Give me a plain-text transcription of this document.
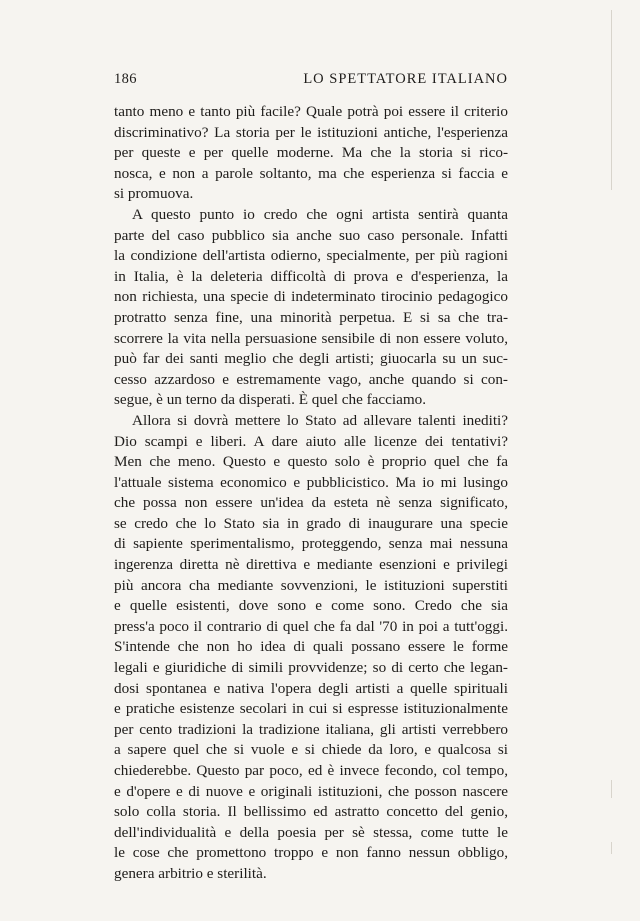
186	LO SPETTATORE ITALIANO
tanto meno e tanto più facile? Quale potrà poi essere il criterio
discriminativo? La storia per le istituzioni antiche, l'esperienza
per queste e per quelle moderne. Ma che la storia si rico-
nosca, e non a parole soltanto, ma che esperienza si faccia e
si promuova.
A questo punto io credo che ogni artista sentirà quanta
parte del caso pubblico sia anche suo caso personale. Infatti
la condizione dell'artista odierno, specialmente, per più ragioni
in Italia, è la deleteria difficoltà di prova e d'esperienza, la
non richiesta, una specie di indeterminato tirocinio pedagogico
protratto senza fine, una minorità perpetua. E si sa che tra-
scorrere la vita nella persuasione sensibile di non essere voluto,
può far dei santi meglio che degli artisti; giuocarla su un suc-
cesso azzardoso e estremamente vago, anche quando si con-
segue, è un terno da disperati. È quel che facciamo.
Allora si dovrà mettere lo Stato ad allevare talenti inediti?
Dio scampi e liberi. A dare aiuto alle licenze dei tentativi?
Men che meno. Questo e questo solo è proprio quel che fa
l'attuale sistema economico e pubblicistico. Ma io mi lusingo
che possa non essere un'idea da esteta nè senza significato,
se credo che lo Stato sia in grado di inaugurare una specie
di sapiente sperimentalismo, proteggendo, senza mai nessuna
ingerenza diretta nè direttiva e mediante esenzioni e privilegi
più ancora cha mediante sovvenzioni, le istituzioni superstiti
e quelle esistenti, dove sono e come sono. Credo che sia
press'a poco il contrario di quel che fa dal '70 in poi a tutt'oggi.
S'intende che non ho idea di quali possano essere le forme
legali e giuridiche di simili provvidenze; so di certo che legan-
dosi spontanea e nativa l'opera degli artisti a quelle spirituali
e pratiche esistenze secolari in cui si espresse istituzionalmente
per cento tradizioni la tradizione italiana, gli artisti verrebbero
a sapere quel che si vuole e si chiede da loro, e qualcosa si
chiederebbe. Questo par poco, ed è invece fecondo, col tempo,
e d'opere e di nuove e originali istituzioni, che posson nascere
solo colla storia. Il bellissimo ed astratto concetto del genio,
dell'individualità e della poesia per sè stessa, come tutte le
le cose che promettono troppo e non fanno nessun obbligo,
genera arbitrio e sterilità.
